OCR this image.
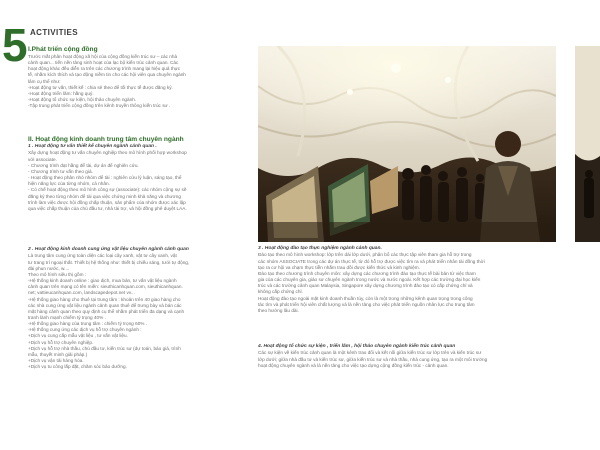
5 ACTIVITIES

I.Phát triển cộng đồng

Trước mắt phân hoạt động xã hội của cộng đồng kiến trúc sư – các nhà

cảnh quan... tiến nền tảng sinh hoạt của lạc bộ kiến trúc cảnh quan. Các

hoạt động khác đều diễn ra trên các chương trình mang lại hiệu quả thực

tế, nhằm kích thích và tạo động niềm tin cho các hội viên qua chuyên ngành

lâm cụ thể như:

-Hoạt động tư vấn, thiết kế : chia sẻ theo để tối thực tế được đăng ký.

-Hoạt động triển lãm: hằng quý.

-Hoạt động tổ chức sự kiện, hội thảo chuyên ngành.

-Tập trung phát triển cộng đồng trên kênh truyền thông kiến trúc sư .

II. Hoạt động kinh doanh trung tâm chuyên ngành

1 . Hoạt động tư vấn thiết kế chuyên ngành cảnh quan .

Xây dựng hoạt động tư vấn chuyên nghiệp theo mô hình phối hợp workshop

với associate.

- Chương trình đạt hằng để tài, dự án để nghiên cứu.

- Chương trình tư vấn theo giá.

- Hoạt động theo phân nhỏ nhóm để tài : nghiên cứu lý luận, sáng tạo, thể

hiện năng lực của từng nhóm, cá nhân.

- Có chế hoạt động theo mô hình công sự (associate): các nhóm cộng sự sẽ

đăng ký theo từng nhóm để tài qua việc chứng minh khả năng và chương

trình làm việc được hội đồng chấp thuận, sản phẩm của nhóm được xác lập

qua việc chấp thuận của chủ đầu tư, nhà tài trợ, và hội đồng phê duyệt LAA.

2 . Hoạt động kinh doanh cung ứng vật liệu chuyên ngành cảnh quan

Là trung tâm cung ứng toàn diện các loại cây xanh, vật tư cây xanh, vật

tư trang trí ngoại thất. Thiết bị hệ thống như: thiết bị chiếu sáng, tưới tự động,

đài phun nước, w....

Theo mô hình siêu thị gồm :

-Hệ thống kinh doanh online : giao dịch, mua bán, tư vấn vật liệu ngành

cảnh quan trên mạng có tên miền: sieuthicanhquan.com, sieuthicanhquan.

net; vattieucanhquan.com, landscapedepot.net vv...

-Hệ thống giao hàng cho thuê tại trung tâm : khoản trên 40 giao hàng cho

các nhà cung ứng vật liệu ngành cảnh quan thuê để trưng bày và bán các

mặt hàng cảnh quan theo quy định cụ thể nhằm phát triển đa dạng và cạnh

tranh lành mạnh chiếm tỷ trọng 40% .

-Hệ thống giao hàng của trung tâm : chiếm tỷ trọng 60% .

-Hệ thống cung ứng các dịch vụ hỗ trợ chuyên ngành :

+Dịch vụ cung cấp mẫu vật liệu , tư vấn vật liệu.

+Dịch vụ hỗ trợ chuyên nghiệp.

+Dịch vụ hỗ trợ nhà thầu, chủ đầu tư, kiến trúc sư (dự toán, báo giá, trình

mẫu, thuyết minh giải pháp.)

+Dịch vụ vận tải hàng hóa.

+Dịch vụ tu công lắp đặt, chăm sóc bảo dưỡng.

3 . Hoạt động đào tạo thực nghiệm ngành cảnh quan.

Đào tạo theo mô hình workshop: lớp trên dài lớp dưới, phân bổ các thực tập viên tham gia hỗ trợ trong

các nhóm ASSOCIATE trong các dự án thực tế, từ đó hỗ trợ được việc tìm ra và phát triển nhân tài đồng thời

tạo ra cơ hội va chạm thực tiễn nhằm trau dồi được kiến thức và kinh nghiệm.

Đào tạo theo chương trình chuyên môn: xây dựng các chương trình đào tạo thực tế bài bản từ việc tham

gia của các chuyên gia, giáo sư chuyên ngành trong nước và nước ngoài. Kết hợp các trường đại học kiến

trúc và các trường cảnh quan Malaysia, Singapore xây dựng chương trình đào tạo có cấp chứng chỉ và

không cấp chứng chỉ.

Hoạt động đào tạo ngoài mặt kinh doanh thuần túy, còn là một trong những kênh quan trọng trong công

tác tìm và phát triển hội viên chất lượng và là nền tảng cho việc phát triển nguồn nhân lực cho trung tâm

theo hướng lâu dài.

4. Hoạt động tổ chức sự kiện , triển lãm , hội thảo chuyên ngành kiến trúc cảnh quan

Các sự kiện về kiến trúc cảnh quan là một kênh trao đổi và kết nối giữa kiến trúc sư lớp trên và kiến trúc sư

lớp dưới; giữa nhà đầu tư và kiến trúc sư, giữa kiến trúc sư và nhà thầu, nhà cung ứng, tạo ra một môi trường

hoạt động chuyên ngành và là nền tảng cho việc tạo dựng cộng đồng kiến trúc - cảnh quan.
